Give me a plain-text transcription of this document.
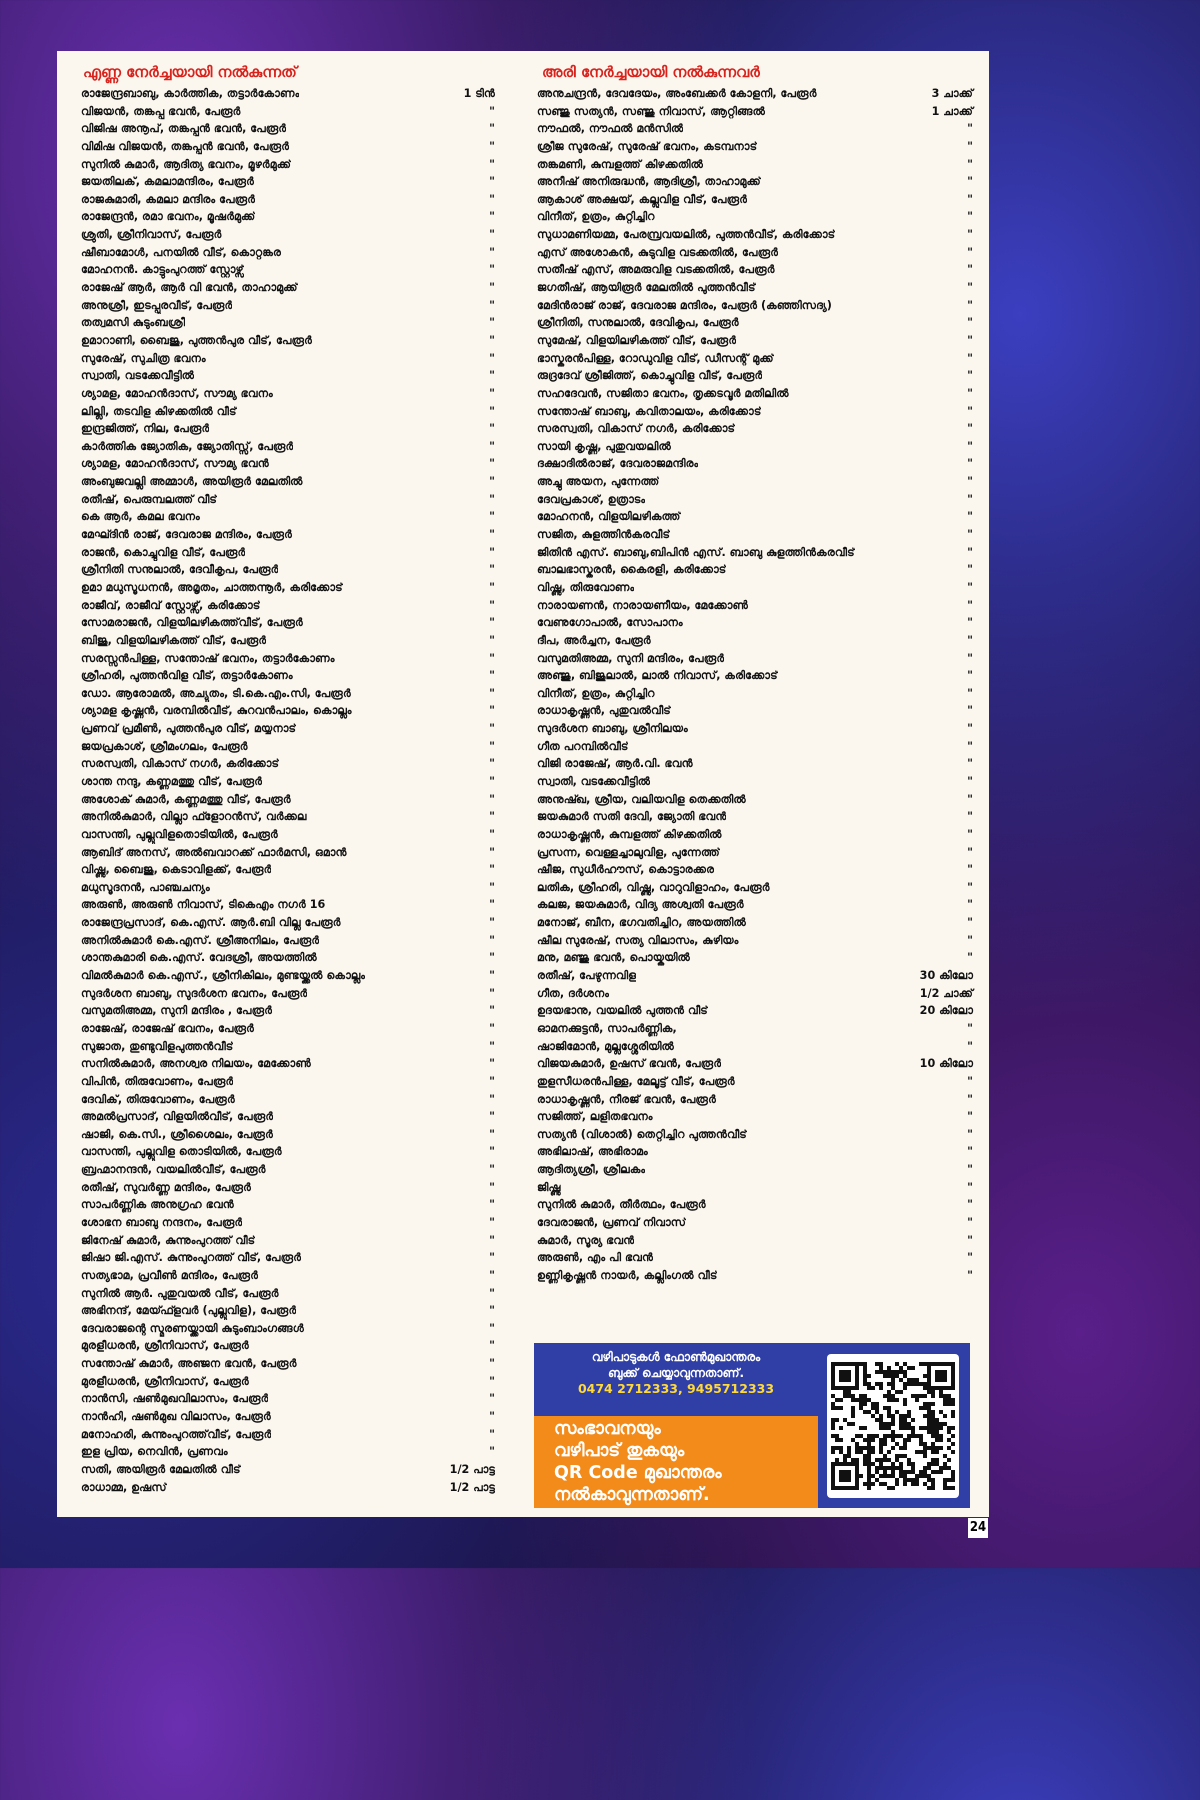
എണ്ണ നേർച്ചയായി നൽകുന്നത്
രാജേന്ദ്രബാബു, കാർത്തിക, തട്ടാർകോണം	1 ടിൻ
വിജയൻ, തങ്കപ്പ ഭവൻ, പേരൂർ	"
വിജിഷ അനൂപ്, തങ്കപ്പൻ ഭവൻ, പേരൂർ	"
വിമിഷ വിജയൻ, തങ്കപ്പൻ ഭവൻ, പേരൂർ	"
സുനിൽ കുമാർ, ആദിത്യ ഭവനം, മൂഴർമുക്ക്	"
ജയതിലക്, കമലാമന്ദിരം, പേരൂർ	"
രാജകുമാരി, കമലാ മന്ദിരം പേരൂർ	"
രാജേന്ദ്രൻ, രമാ ഭവനം, മൂഷർമുക്ക്	"
ശ്രുതി, ശ്രീനിവാസ്, പേരൂർ	"
ഷീബാമോൾ, പനയിൽ വീട്, കൊറ്റങ്കര	"
മോഹനൻ. കാട്ടുംപുറത്ത് സ്റ്റോഴ്സ്	"
രാജേഷ് ആർ, ആർ വി ഭവൻ, താഹാമുക്ക്	"
അനുശ്രീ, ഇടപ്പുരവീട്, പേരൂർ	"
തത്വമസി കുടുംബശ്രീ	"
ഉമാറാണി, ബൈജു, പുത്തൻപുര വീട്, പേരൂർ	"
സുരേഷ്, സുചിത്ര ഭവനം	"
സ്വാതി, വടക്കേവീട്ടിൽ	"
ശ്യാമള, മോഹൻദാസ്, സൗമ്യ ഭവനം	"
ലില്ലി, തടവിള കിഴക്കതിൽ വീട്	"
ഇന്ദ്രജിത്ത്, നില, പേരൂർ	"
കാർത്തിക ജ്യോതിക, ജ്യോതിസ്സ്, പേരൂർ	"
ശ്യാമള, മോഹൻദാസ്, സൗമ്യ ഭവൻ	"
അംബുജവല്ലി അമ്മാൾ, അയിരൂർ മേലതിൽ	"
രതീഷ്, പെരുമ്പലത്ത് വീട്	"
കെ ആർ, കമല ഭവനം	"
മേഘ്ദിൻ രാജ്, ദേവരാജ മന്ദിരം, പേരൂർ	"
രാജൻ, കൊച്ചുവിള വീട്, പേരൂർ	"
ശ്രീനിതി സനുലാൽ, ദേവീകൃപ, പേരൂർ	"
ഉമാ മധുസൂധനൻ, അമൃതം, ചാത്തന്നൂർ, കരിക്കോട്	"
രാജീവ്, രാജീവ് സ്റ്റോഴ്സ്, കരിക്കോട്	"
സോമരാജൻ, വിളയിലഴികത്ത്‌വീട്, പേരൂർ	"
ബിജു, വിളയിലഴികത്ത് വീട്, പേരൂർ	"
സരസ്സൻപിള്ള, സന്തോഷ് ഭവനം, തട്ടാർകോണം	"
ശ്രീഹരി, പുത്തൻവിള വീട്, തട്ടാർകോണം	"
ഡോ. ആരോമൽ, അച്യുതം, ടി.കെ.എം.സി, പേരൂർ	"
ശ്യാമള കൃഷ്ണൻ, വരമ്പിൽവീട്, കുറവൻപാലം, കൊല്ലം	"
പ്രണവ് പ്രമീൺ, പുത്തൻപുര വീട്, മയ്യനാട്	"
ജയപ്രകാശ്, ശ്രീമംഗലം, പേരൂർ	"
സരസ്വതി, വികാസ് നഗർ, കരിക്കോട്	"
ശാന്ത നന്ദു, കണ്ണമത്തു വീട്, പേരൂർ	"
അശോക് കുമാർ, കണ്ണമത്തു വീട്, പേരൂർ	"
അനിൽകുമാർ, വില്ലാ ഫ്ളോറൻസ്, വർക്കല	"
വാസന്തി, പുല്ലുവിളതൊടിയിൽ, പേരൂർ	"
ആബിദ് അനസ്, അൽബവാറക്ക് ഫാർമസി, ഒമാൻ	"
വിഷ്ണു, ബൈജു, കെടാവിളക്ക്, പേരൂർ	"
മധുസൂദനൻ, പാഞ്ചചന്യം	"
അരുൺ, അരുൺ നിവാസ്, ടികെഎം നഗർ 16	"
രാജേന്ദ്രപ്രസാദ്, കെ.എസ്. ആർ.ബി വില്ല പേരൂർ	"
അനിൽകുമാർ കെ.എസ്. ശ്രീഅനിലം, പേരൂർ	"
ശാന്തകുമാരി കെ.എസ്. വേദശ്രീ, അയത്തിൽ	"
വിമൽകുമാർ കെ.എസ്., ശ്രീനികിലം, മുണ്ടയ്ക്കൽ കൊല്ലം	"
സുദർശന ബാബു, സുദർശന ഭവനം, പേരൂർ	"
വസുമതിഅമ്മ, സുനി മന്ദിരം , പേരൂർ	"
രാജേഷ്, രാജേഷ് ഭവനം, പേരൂർ	"
സുജാത, തുണ്ടുവിളപുത്തൻവീട്	"
സനിൽകുമാർ, അനശ്വര നിലയം, മേക്കോൺ	"
വിപിൻ, തിരുവോണം, പേരൂർ	"
ദേവിക്, തിരുവോണം, പേരൂർ	"
അമൽപ്രസാദ്, വിളയിൽവീട്, പേരൂർ	"
ഷാജി, കെ.സി., ശ്രീശൈലം, പേരൂർ	"
വാസന്തി, പുല്ലുവിള തൊടിയിൽ, പേരൂർ	"
ബ്രഹ്മാനന്ദൻ, വയലിൽവീട്, പേരൂർ	"
രതീഷ്, സുവർണ്ണ മന്ദിരം, പേരൂർ	"
സാപർണ്ണിക അനുഗ്രഹ ഭവൻ	"
ശോഭന ബാബു നന്ദനം, പേരൂർ	"
ജിനേഷ് കുമാർ, കുന്നുംപുറത്ത് വീട്	"
ജിഷാ ജി.എസ്. കുന്നുംപുറത്ത് വീട്, പേരൂർ	"
സത്യഭാമ, പ്രവീൺ മന്ദിരം, പേരൂർ	"
സുനിൽ ആർ. പുതുവയൽ വീട്, പേരൂർ	"
അഭിനന്ദ്, മേയ്ഫ്ളവർ (പുല്ലുവിള), പേരൂർ	"
ദേവരാജന്റെ സ്മരണയ്ക്കായി കുടുംബാംഗങ്ങൾ	"
മുരളീധരൻ, ശ്രീനിവാസ്, പേരൂർ	"
സന്തോഷ് കുമാർ, അഞ്ജന ഭവൻ, പേരൂർ	"
മുരളീധരൻ, ശ്രീനിവാസ്, പേരൂർ	"
നാൻസി, ഷൺമുഖവിലാസം, പേരൂർ	"
നാൻഹി, ഷൺമുഖ വിലാസം, പേരൂർ	"
മനോഹരി, കുന്നുംപുറത്ത്‌വീട്, പേരൂർ	"
ഇള പ്രിയ, നെവിൻ, പ്രണവം	"
സതി, അയിരൂർ മേലതിൽ വീട്	1/2 പാട്ട
രാധാമ്മ, ഉഷസ്	1/2 പാട്ട
അരി നേർച്ചയായി നൽകുന്നവർ
അനുചന്ദ്രൻ, ദേവദേയം, അംബേക്കർ കോളനി, പേരൂർ	3 ചാക്ക്
സഞ്ജു സത്യൻ, സഞ്ജു നിവാസ്, ആറ്റിങ്ങൽ	1 ചാക്ക്
നൗഫൽ, നൗഫൽ മൻസിൽ	"
ശ്രീജ സുരേഷ്, സുരേഷ് ഭവനം, കടമ്പനാട്	"
തങ്കമണി, കുമ്പളത്ത് കിഴക്കതിൽ	"
അനീഷ് അനിരുദ്ധൻ, ആദിശ്രീ, താഹാമുക്ക്	"
ആകാശ് അക്ഷയ്, കല്ലുവിള വീട്, പേരൂർ	"
വിനീത്, ഉത്രം, കുറ്റിച്ചിറ	"
സുധാമണിയമ്മ, പേരമ്പ്രവയലിൽ, പുത്തൻവീട്, കരിക്കോട്	"
എസ് അശോകൻ, കുടുവിള വടക്കതിൽ, പേരൂർ	"
സതീഷ് എസ്, അമരുവിള വടക്കതിൽ, പേരൂർ	"
ജഗതീഷ്, ആയിരൂർ മേലതിൽ പുത്തൻവീട്	"
മേദിൻരാജ് രാജ്, ദേവരാജ മന്ദിരം, പേരൂർ (കഞ്ഞിസദ്യ)	"
ശ്രീനിതി, സനുലാൽ, ദേവികൃപ, പേരൂർ	"
സുമേഷ്, വിളയിലഴികത്ത് വീട്, പേരൂർ	"
ഭാസ്കരൻപിള്ള, റോഡുവിള വീട്, ഡീസന്റ് മുക്ക്	"
രുദ്രദേവ് ശ്രീജിത്ത്, കൊച്ചുവിള വീട്, പേരൂർ	"
സഹദേവൻ, സജിതാ ഭവനം, തൃക്കടവൂർ മതിലിൽ	"
സന്തോഷ് ബാബു, കവിതാലയം, കരിക്കോട്	"
സരസ്വതി, വികാസ് നഗർ, കരിക്കോട്	"
സായി കൃഷ്ണ, പുതുവയലിൽ	"
ദക്ഷാദിൽരാജ്, ദേവരാജമന്ദിരം	"
അച്ചു അയന, പുന്നേത്ത്	"
ദേവപ്രകാശ്, ഉത്രാടം	"
മോഹനൻ, വിളയിലഴികത്ത്	"
സജിത, കുളത്തിൻകരവീട്	"
ജിതിൻ എസ്. ബാബു,ബിപിൻ എസ്. ബാബു കുളത്തിൻകരവീട്	"
ബാലഭാസ്കരൻ, കൈരളി, കരിക്കോട്	"
വിഷ്ണു, തിരുവോണം	"
നാരായണൻ, നാരായണീയം, മേക്കോൺ	"
വേണുഗോപാൽ, സോപാനം	"
ദീപ, അർച്ചന, പേരൂർ	"
വസുമതിഅമ്മ, സുനി മന്ദിരം, പേരൂർ	"
അഞ്ജു, ബിജുലാൽ, ലാൽ നിവാസ്, കരിക്കോട്	"
വിനീത്, ഉത്രം, കുറ്റിച്ചിറ	"
രാധാകൃഷ്ണൻ, പുതുവൽവീട്	"
സുദർശന ബാബു, ശ്രീനിലയം	"
ഗീത പറമ്പിൽവീട്	"
വിജി രാജേഷ്, ആർ.വി. ഭവൻ	"
സ്വാതി, വടക്കേവീട്ടിൽ	"
അനുഷ്ഖ, ശ്രീയ, വലിയവിള തെക്കതിൽ	"
ജയകുമാർ സതി ദേവി, ജ്യോതി ഭവൻ	"
രാധാകൃഷ്ണൻ, കുമ്പളത്ത് കിഴക്കതിൽ	"
പ്രസന്ന, വെള്ളച്ചാലുവിള, പുന്നേത്ത്	"
ഷീജ, സുധീർഹൗസ്, കൊട്ടാരക്കര	"
ലതിക, ശ്രീഹരി, വിഷ്ണു, വാറുവിളാഹം, പേരൂർ	"
കലജ, ജയകുമാർ, വിദ്യ അശ്വതി പേരൂർ	"
മനോജ്, ബീന, ഭഗവതിച്ചിറ, അയത്തിൽ	"
ഷീല സുരേഷ്, സത്യ വിലാസം, കുഴിയം	"
മനു, മഞ്ജു ഭവൻ, പൊയ്കയിൽ	"
രതീഷ്, പേഴുന്നവിള	30 കിലോ
ഗീത, ദർശനം	1/2 ചാക്ക്
ഉദയഭാനു, വയലിൽ പുത്തൻ വീട്	20 കിലോ
ഓമനക്കുട്ടൻ, സാപർണ്ണിക,	"
ഷാജിമോൻ, മുല്ലശ്ശേരിയിൽ	"
വിജയകുമാർ, ഉഷസ് ഭവൻ, പേരൂർ	10 കിലോ
തുളസീധരൻപിള്ള, മേലൂട്ട് വീട്, പേരൂർ	"
രാധാകൃഷ്ണൻ, നീരജ് ഭവൻ, പേരൂർ	"
സജിത്ത്, ലളിതഭവനം	"
സത്യൻ (വിശാൽ) തെറ്റിച്ചിറ പുത്തൻവീട്	"
അഭിലാഷ്, അഭിരാമം	"
ആദിത്യശ്രീ, ശ്രീലകം	"
ജിഷ്ണു	"
സുനിൽ കുമാർ, തീർത്ഥം, പേരൂർ	"
ദേവരാജൻ, പ്രണവ് നിവാസ്	"
കുമാർ, സൂര്യ ഭവൻ	"
അരുൺ, എം പി ഭവൻ	"
ഉണ്ണികൃഷ്ണൻ നായർ, കല്ലിംഗൽ വീട്	"
വഴിപാടുകൾ ഫോൺമുഖാന്തരം
ബുക്ക് ചെയ്യാവുന്നതാണ്.
0474 2712333, 9495712333
സംഭാവനയും
വഴിപാട് തുകയും
QR Code മുഖാന്തരം
നൽകാവുന്നതാണ്.
24
